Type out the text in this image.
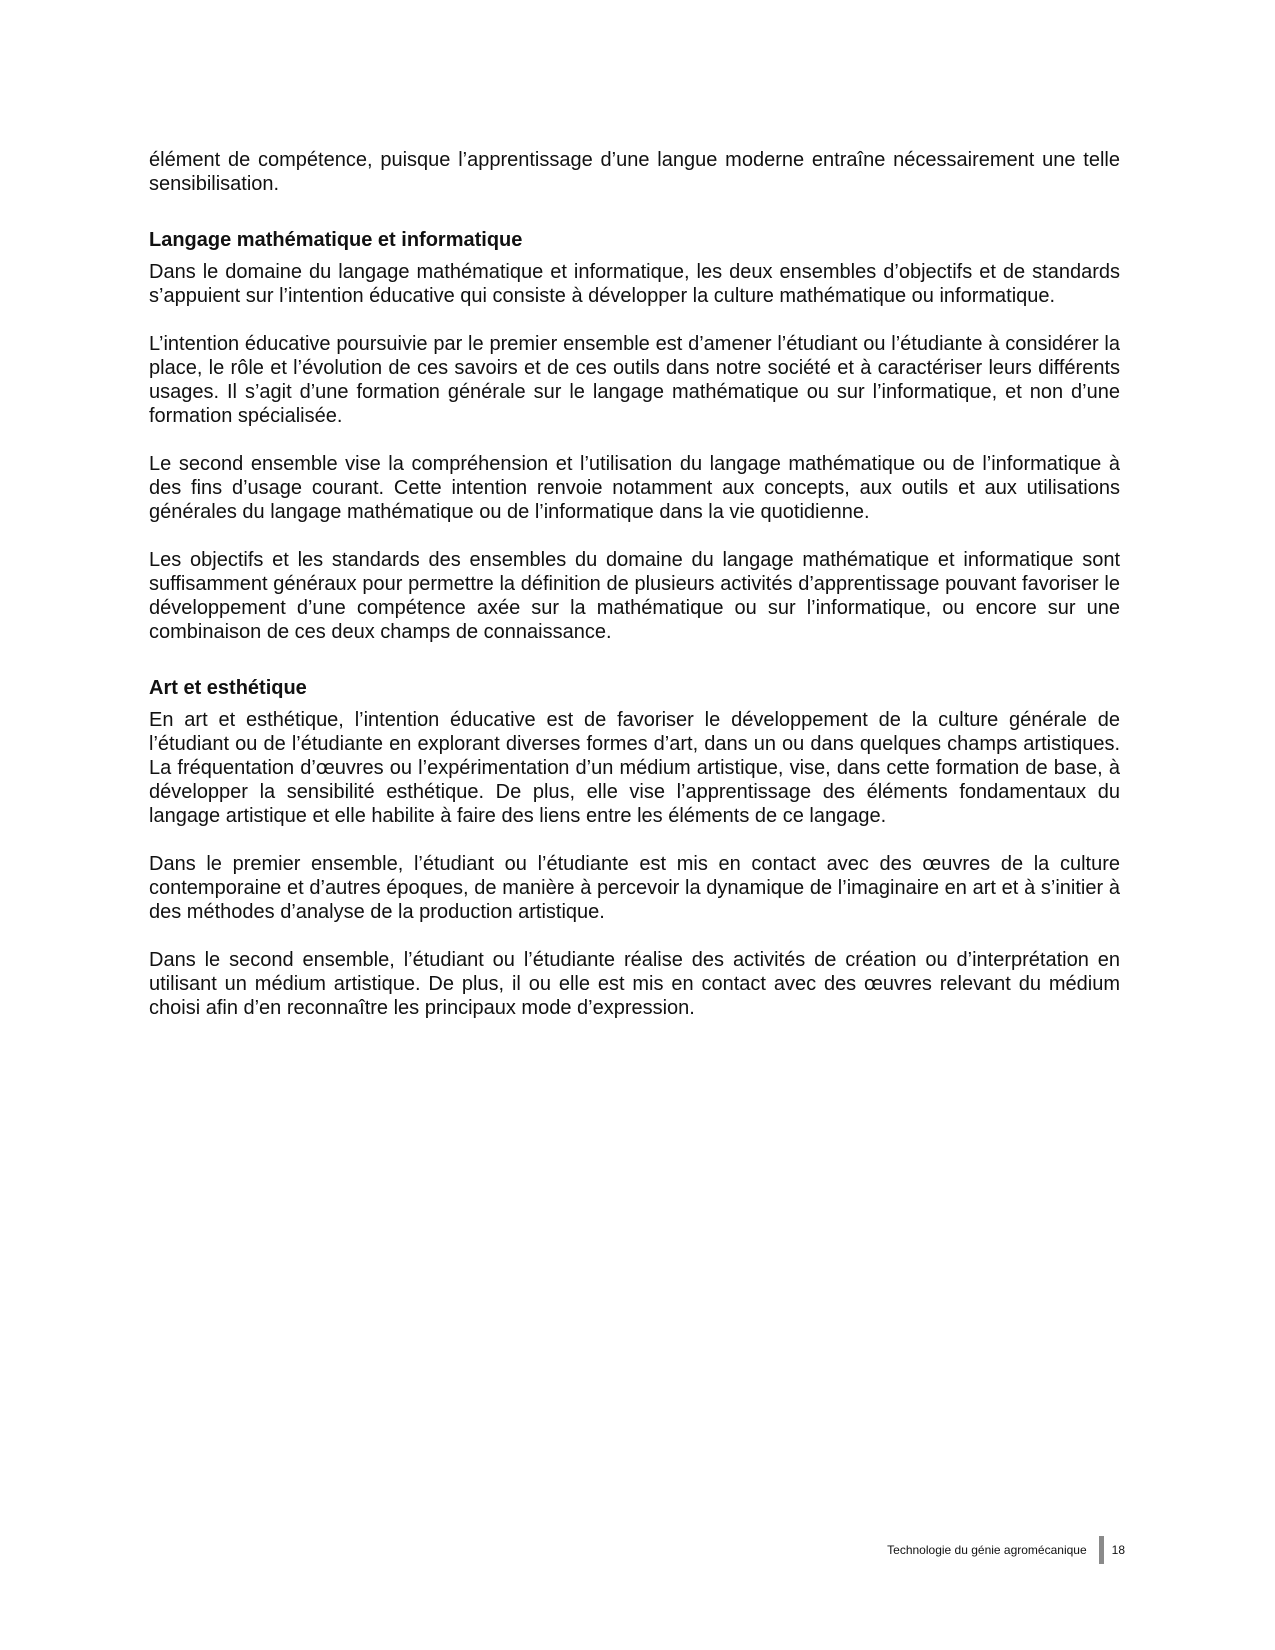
élément de compétence, puisque l’apprentissage d’une langue moderne entraîne nécessairement une telle sensibilisation.

Langage mathématique et informatique

Dans le domaine du langage mathématique et informatique, les deux ensembles d’objectifs et de standards s’appuient sur l’intention éducative qui consiste à développer la culture mathématique ou informatique.

L’intention éducative poursuivie par le premier ensemble est d’amener l’étudiant ou l’étudiante à considérer la place, le rôle et l’évolution de ces savoirs et de ces outils dans notre société et à caractériser leurs différents usages. Il s’agit d’une formation générale sur le langage mathématique ou sur l’informatique, et non d’une formation spécialisée.

Le second ensemble vise la compréhension et l’utilisation du langage mathématique ou de l’informatique à des fins d’usage courant. Cette intention renvoie notamment aux concepts, aux outils et aux utilisations générales du langage mathématique ou de l’informatique dans la vie quotidienne.

Les objectifs et les standards des ensembles du domaine du langage mathématique et informatique sont suffisamment généraux pour permettre la définition de plusieurs activités d’apprentissage pouvant favoriser le développement d’une compétence axée sur la mathématique ou sur l’informatique, ou encore sur une combinaison de ces deux champs de connaissance.

Art et esthétique

En art et esthétique, l’intention éducative est de favoriser le développement de la culture générale de l’étudiant ou de l’étudiante en explorant diverses formes d’art, dans un ou dans quelques champs artistiques. La fréquentation d’œuvres ou l’expérimentation d’un médium artistique, vise, dans cette formation de base, à développer la sensibilité esthétique. De plus, elle vise l’apprentissage des éléments fondamentaux du langage artistique et elle habilite à faire des liens entre les éléments de ce langage.

Dans le premier ensemble, l’étudiant ou l’étudiante est mis en contact avec des œuvres de la culture contemporaine et d’autres époques, de manière à percevoir la dynamique de l’imaginaire en art et à s’initier à des méthodes d’analyse de la production artistique.

Dans le second ensemble, l’étudiant ou l’étudiante réalise des activités de création ou d’interprétation en utilisant un médium artistique. De plus, il ou elle est mis en contact avec des œuvres relevant du médium choisi afin d’en reconnaître les principaux mode d’expression.

Technologie du génie agromécanique 18
